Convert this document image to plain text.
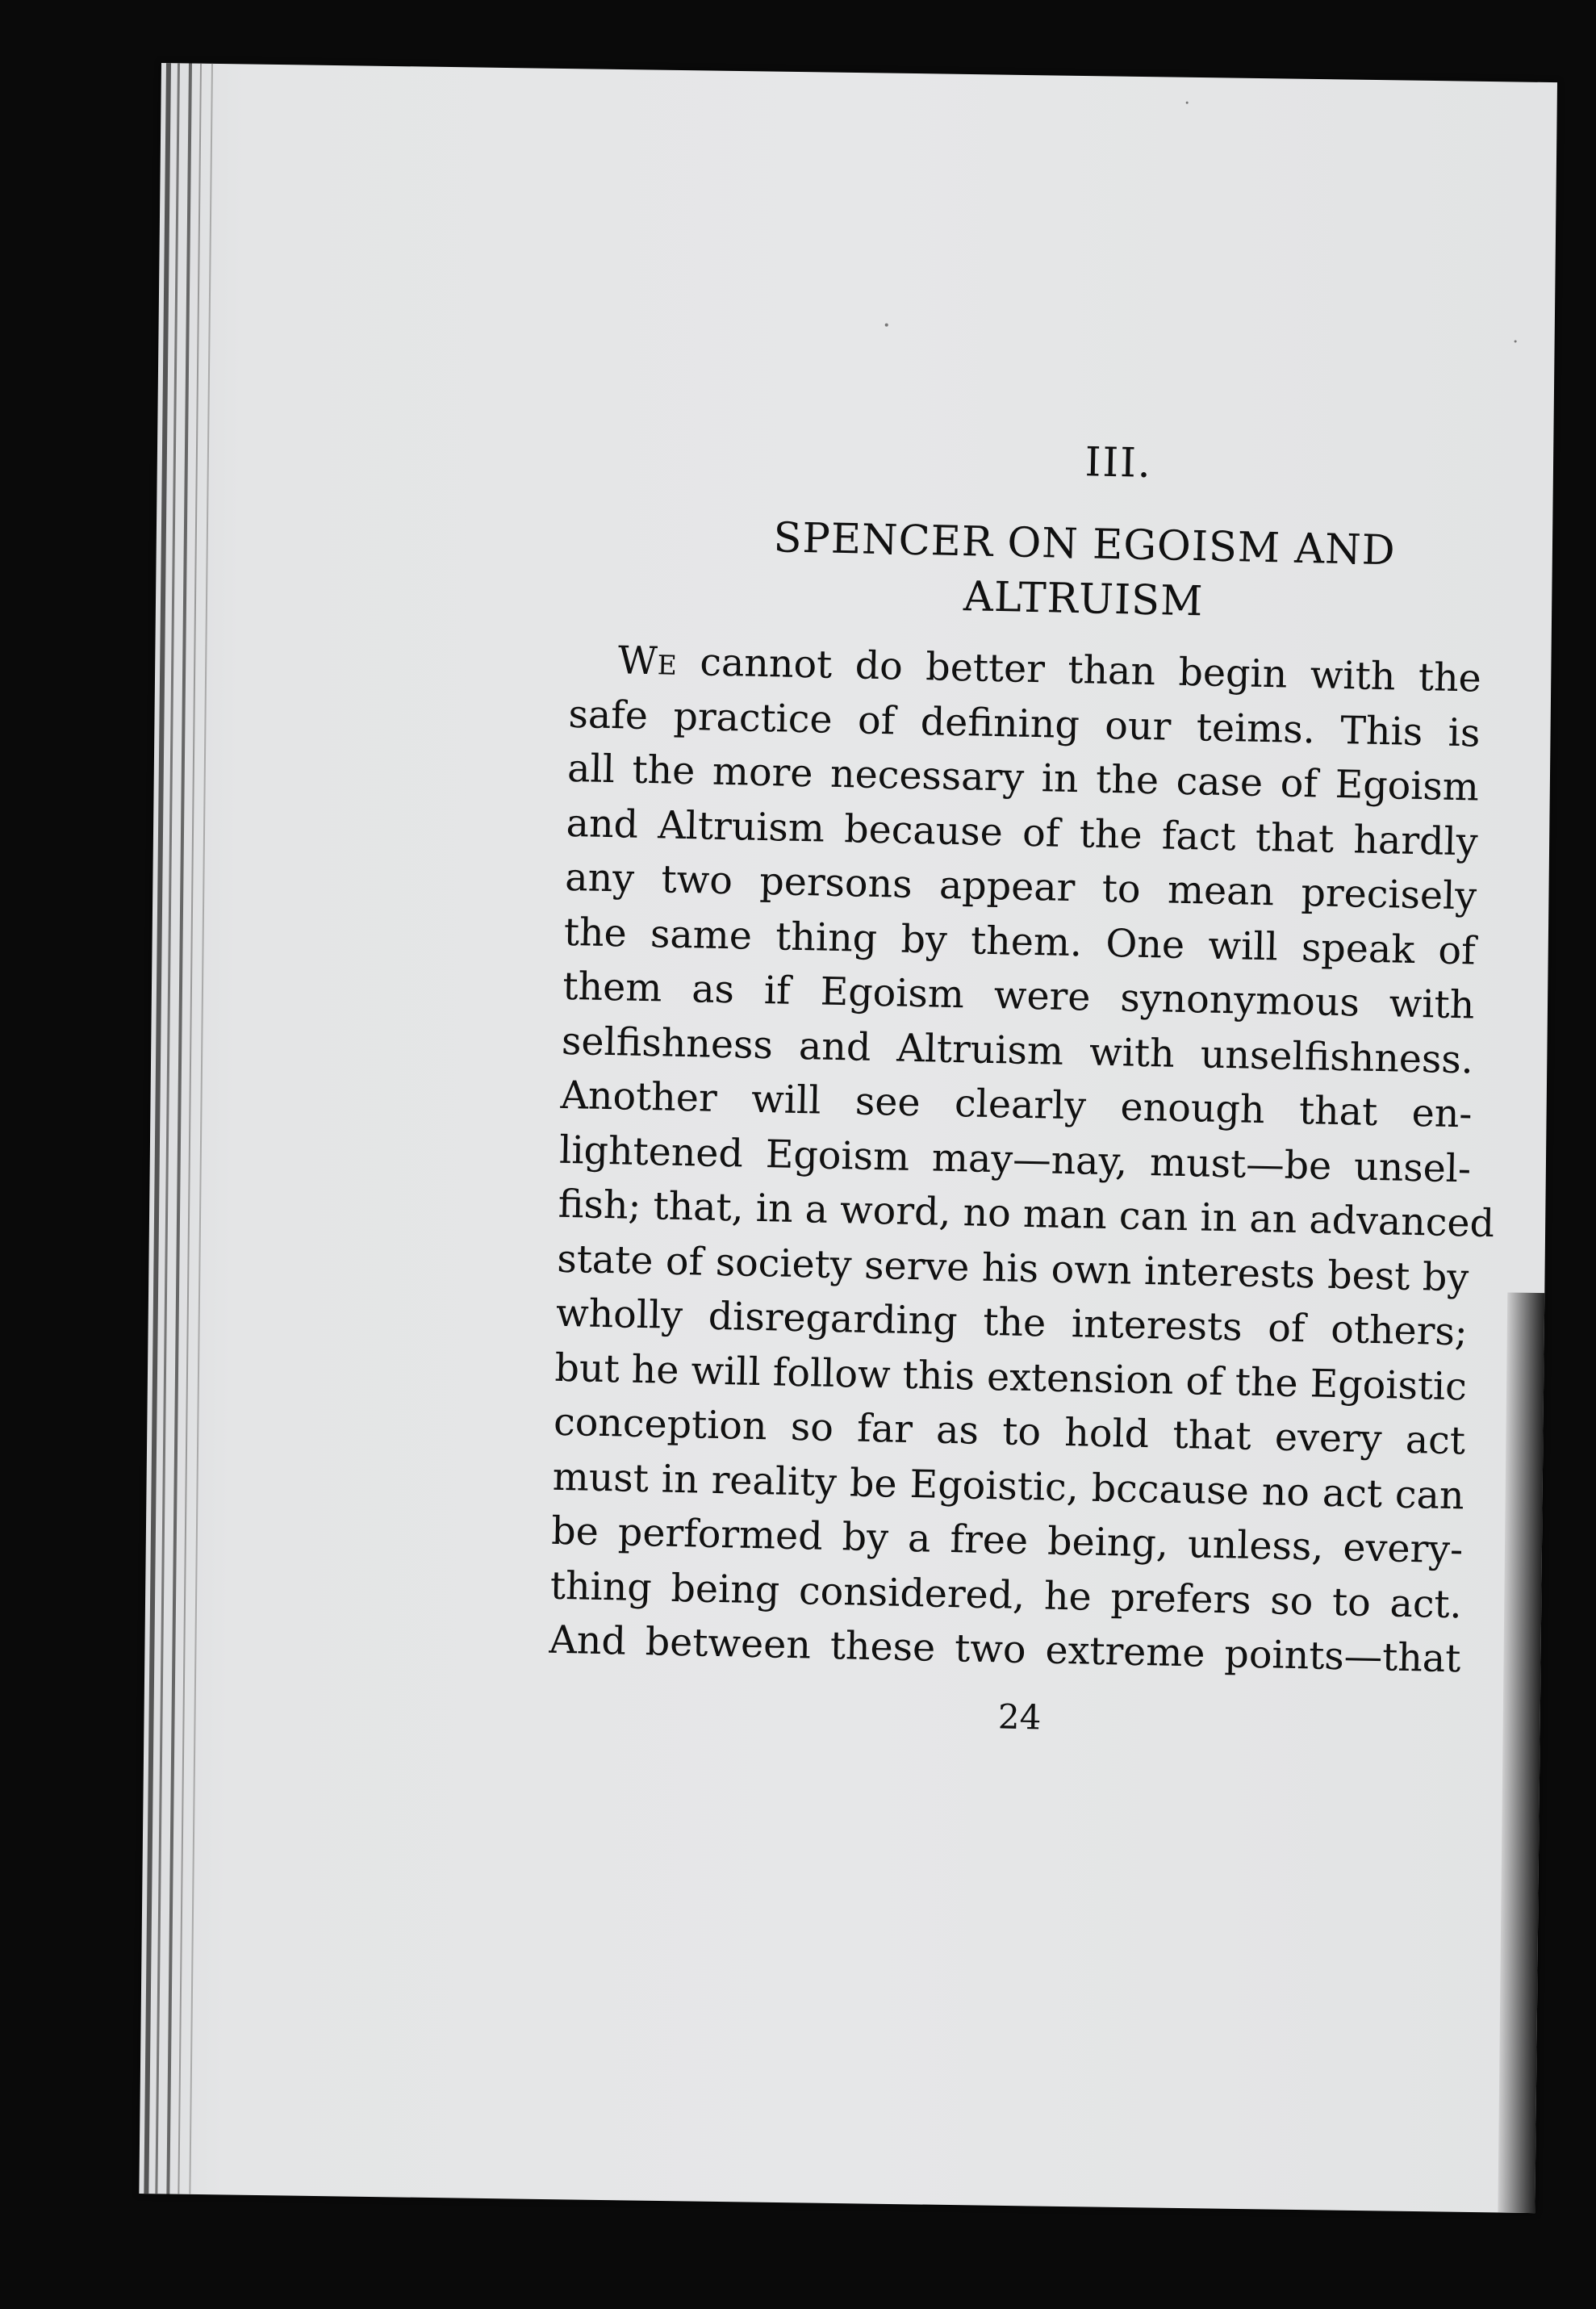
III.
SPENCER ON EGOISM AND
ALTRUISM
We cannot do better than begin with the
safe practice of defining our teims. This is
all the more necessary in the case of Egoism
and Altruism because of the fact that hardly
any two persons appear to mean precisely
the same thing by them. One will speak of
them as if Egoism were synonymous with
selfishness and Altruism with unselfishness.
Another will see clearly enough that en-
lightened Egoism may—nay, must—be unsel-
fish; that, in a word, no man can in an advanced
state of society serve his own interests best by
wholly disregarding the interests of others;
but he will follow this extension of the Egoistic
conception so far as to hold that every act
must in reality be Egoistic, bccause no act can
be performed by a free being, unless, every-
thing being considered, he prefers so to act.
And between these two extreme points—that
24
